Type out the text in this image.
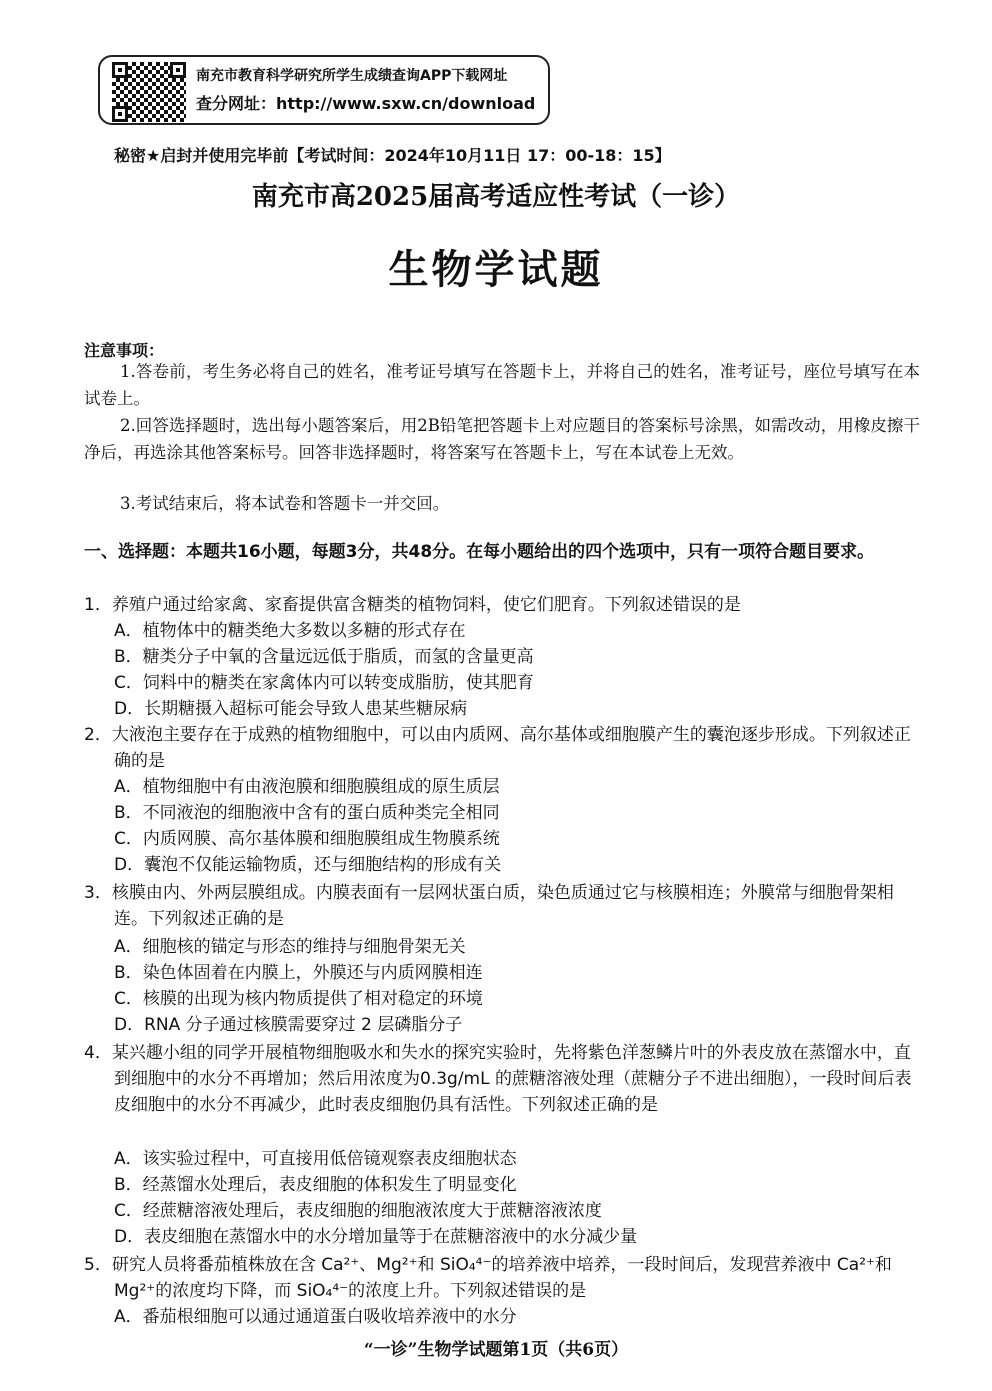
南充市教育科学研究所学生成绩查询APP下载网址
查分网址：http://www.sxw.cn/download
秘密★启封并使用完毕前【考试时间：2024年10月11日 17：00-18：15】
南充市高2025届高考适应性考试（一诊）
生物学试题
注意事项：

1.答卷前，考生务必将自己的姓名，准考证号填写在答题卡上，并将自己的姓名，准考证号，座位号填写在本试卷上。

2.回答选择题时，选出每小题答案后，用2B铅笔把答题卡上对应题目的答案标号涂黑，如需改动，用橡皮擦干净后，再选涂其他答案标号。回答非选择题时，将答案写在答题卡上，写在本试卷上无效。

3.考试结束后，将本试卷和答题卡一并交回。

一、选择题：本题共16小题，每题3分，共48分。在每小题给出的四个选项中，只有一项符合题目要求。

1．养殖户通过给家禽、家畜提供富含糖类的植物饲料，使它们肥育。下列叙述错误的是

A．植物体中的糖类绝大多数以多糖的形式存在

B．糖类分子中氧的含量远远低于脂质，而氢的含量更高

C．饲料中的糖类在家禽体内可以转变成脂肪，使其肥育

D．长期糖摄入超标可能会导致人患某些糖尿病

2．大液泡主要存在于成熟的植物细胞中，可以由内质网、高尔基体或细胞膜产生的囊泡逐步形成。下列叙述正确的是

A．植物细胞中有由液泡膜和细胞膜组成的原生质层

B．不同液泡的细胞液中含有的蛋白质种类完全相同

C．内质网膜、高尔基体膜和细胞膜组成生物膜系统

D．囊泡不仅能运输物质，还与细胞结构的形成有关

3．核膜由内、外两层膜组成。内膜表面有一层网状蛋白质，染色质通过它与核膜相连；外膜常与细胞骨架相连。下列叙述正确的是

A．细胞核的锚定与形态的维持与细胞骨架无关

B．染色体固着在内膜上，外膜还与内质网膜相连

C．核膜的出现为核内物质提供了相对稳定的环境

D．RNA 分子通过核膜需要穿过 2 层磷脂分子

4．某兴趣小组的同学开展植物细胞吸水和失水的探究实验时，先将紫色洋葱鳞片叶的外表皮放在蒸馏水中，直到细胞中的水分不再增加；然后用浓度为0.3g/mL 的蔗糖溶液处理（蔗糖分子不进出细胞），一段时间后表皮细胞中的水分不再减少，此时表皮细胞仍具有活性。下列叙述正确的是

A．该实验过程中，可直接用低倍镜观察表皮细胞状态

B．经蒸馏水处理后，表皮细胞的体积发生了明显变化

C．经蔗糖溶液处理后，表皮细胞的细胞液浓度大于蔗糖溶液浓度

D．表皮细胞在蒸馏水中的水分增加量等于在蔗糖溶液中的水分减少量

5．研究人员将番茄植株放在含 Ca²⁺、Mg²⁺和 SiO₄⁴⁻的培养液中培养，一段时间后，发现营养液中 Ca²⁺和 Mg²⁺的浓度均下降，而 SiO₄⁴⁻的浓度上升。下列叙述错误的是

A．番茄根细胞可以通过通道蛋白吸收培养液中的水分

“一诊”生物学试题第1页（共6页）
